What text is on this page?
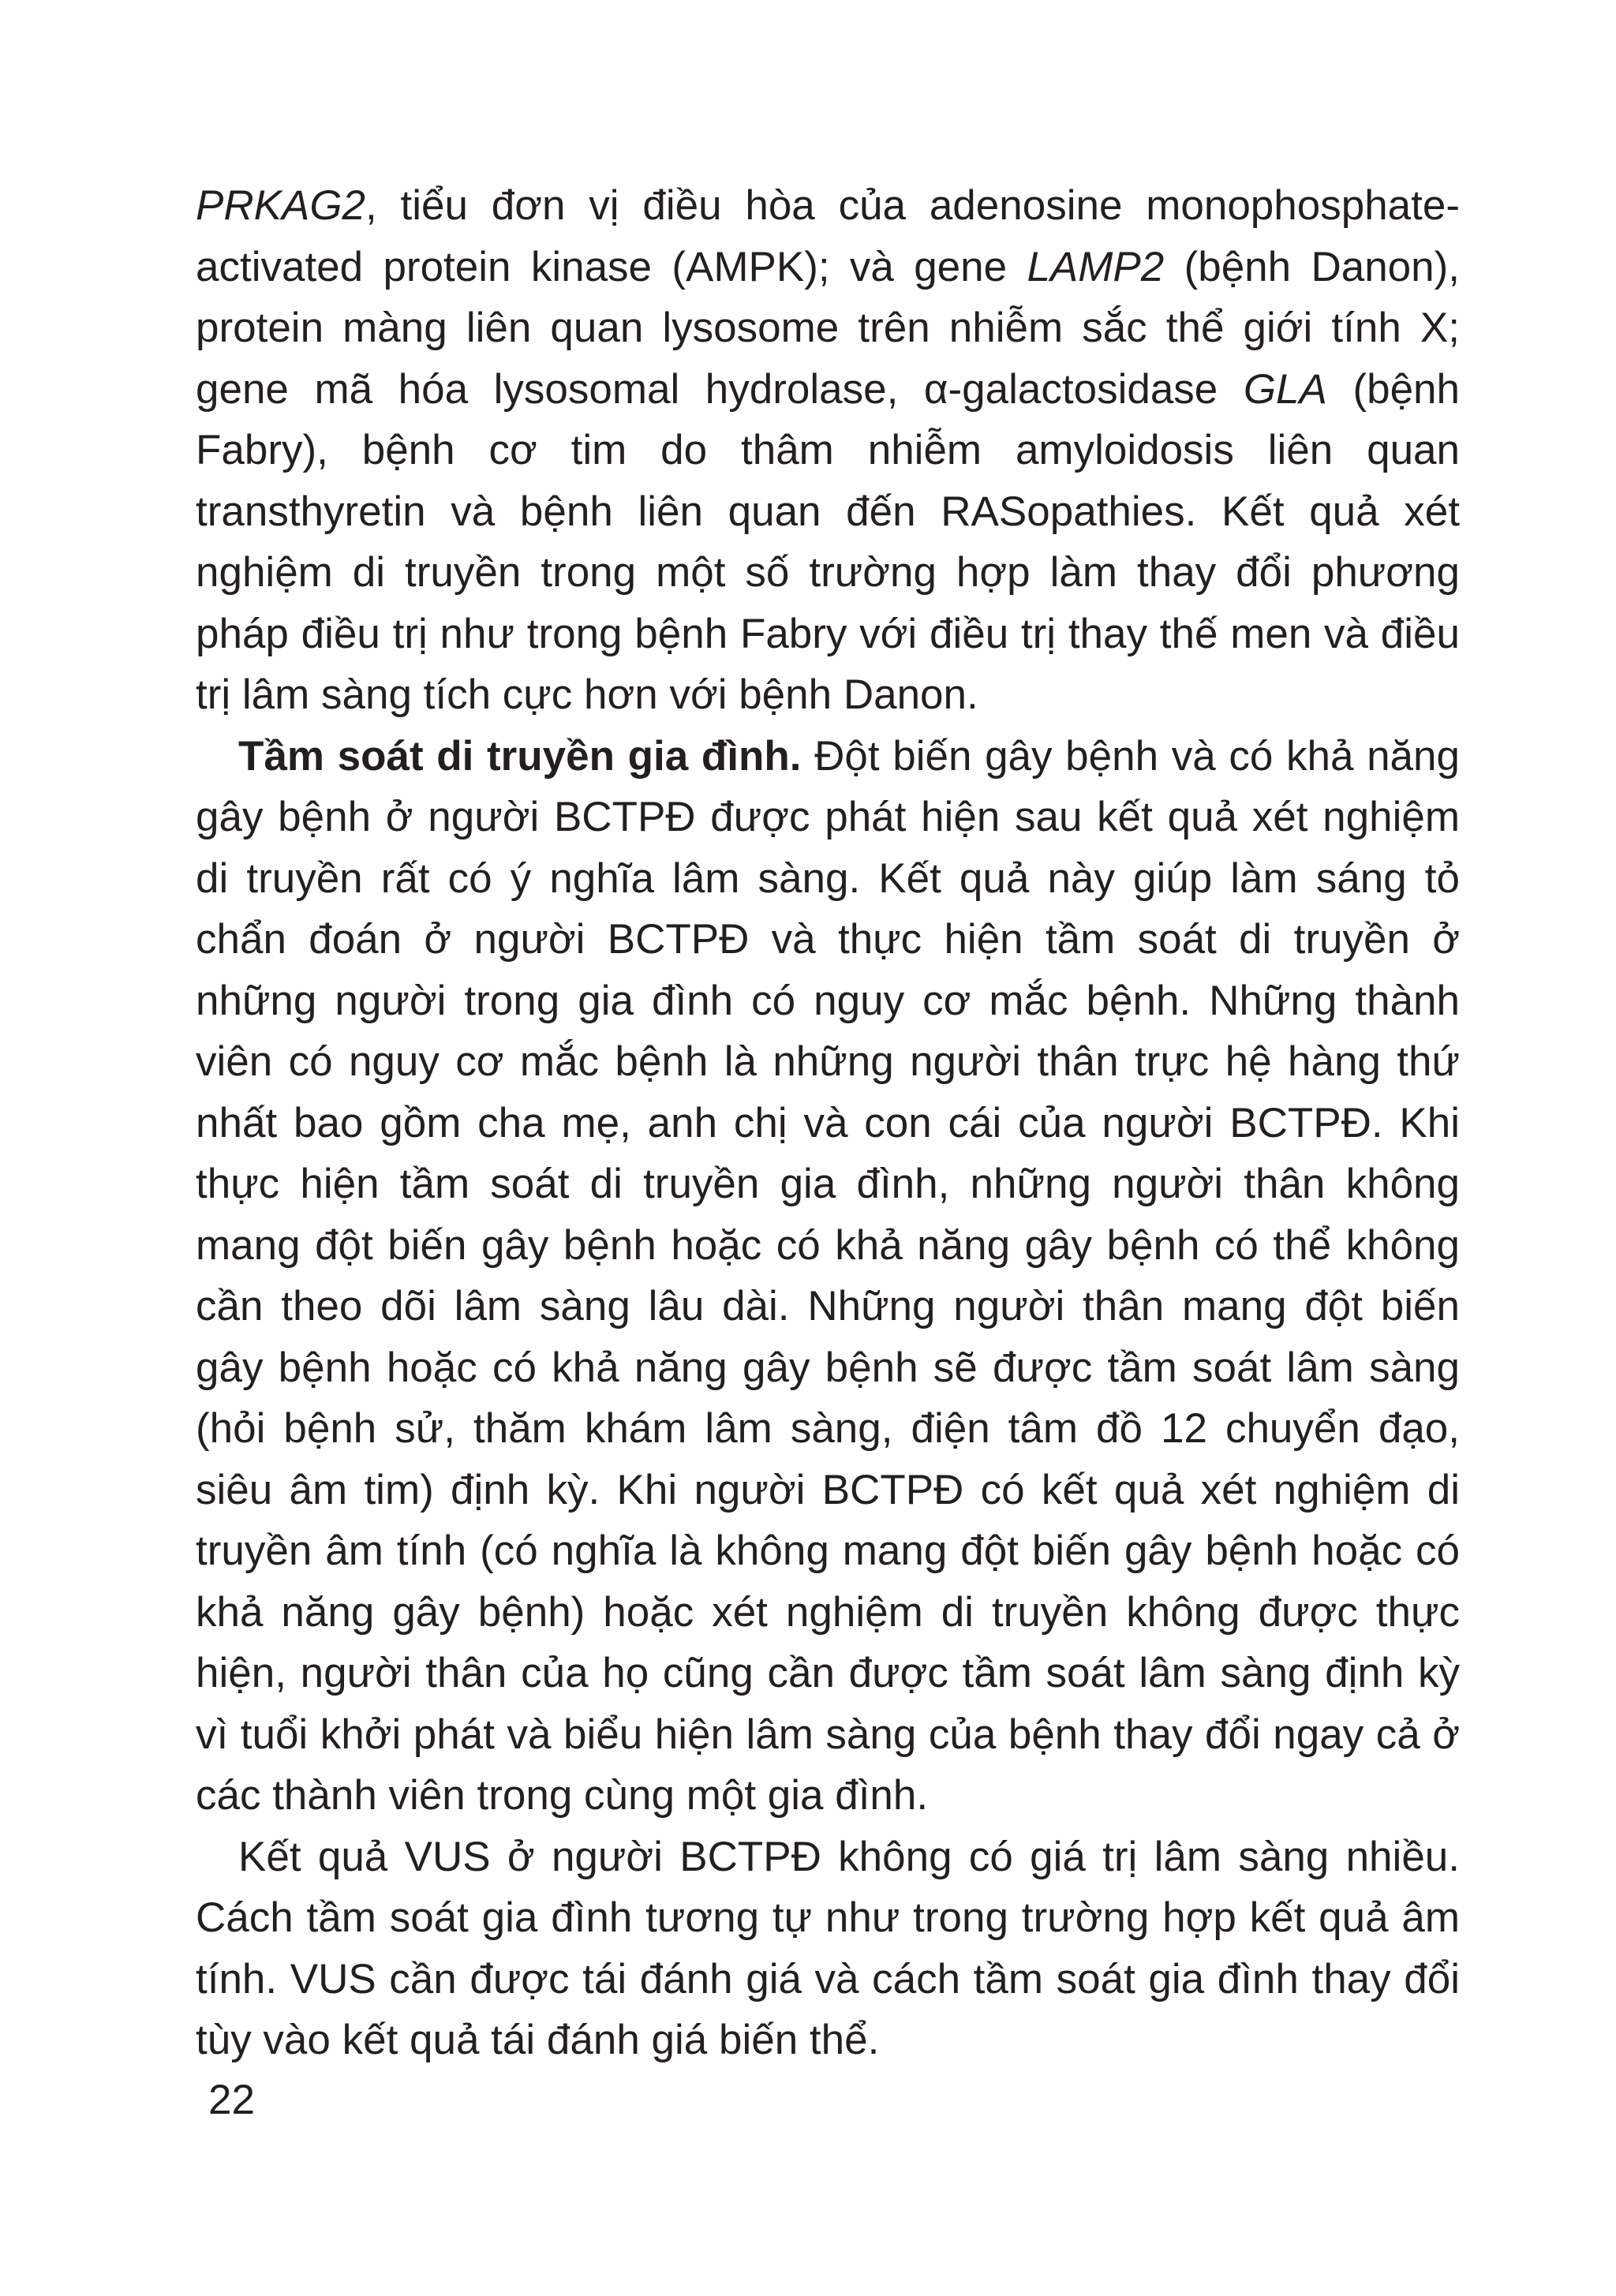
PRKAG2, tiểu đơn vị điều hòa của adenosine monophosphate-activated protein kinase (AMPK); và gene LAMP2 (bệnh Danon), protein màng liên quan lysosome trên nhiễm sắc thể giới tính X; gene mã hóa lysosomal hydrolase, α-galactosidase GLA (bệnh Fabry), bệnh cơ tim do thâm nhiễm amyloidosis liên quan transthyretin và bệnh liên quan đến RASopathies. Kết quả xét nghiệm di truyền trong một số trường hợp làm thay đổi phương pháp điều trị như trong bệnh Fabry với điều trị thay thế men và điều trị lâm sàng tích cực hơn với bệnh Danon.

Tầm soát di truyền gia đình. Đột biến gây bệnh và có khả năng gây bệnh ở người BCTPĐ được phát hiện sau kết quả xét nghiệm di truyền rất có ý nghĩa lâm sàng. Kết quả này giúp làm sáng tỏ chẩn đoán ở người BCTPĐ và thực hiện tầm soát di truyền ở những người trong gia đình có nguy cơ mắc bệnh. Những thành viên có nguy cơ mắc bệnh là những người thân trực hệ hàng thứ nhất bao gồm cha mẹ, anh chị và con cái của người BCTPĐ. Khi thực hiện tầm soát di truyền gia đình, những người thân không mang đột biến gây bệnh hoặc có khả năng gây bệnh có thể không cần theo dõi lâm sàng lâu dài. Những người thân mang đột biến gây bệnh hoặc có khả năng gây bệnh sẽ được tầm soát lâm sàng (hỏi bệnh sử, thăm khám lâm sàng, điện tâm đồ 12 chuyển đạo, siêu âm tim) định kỳ. Khi người BCTPĐ có kết quả xét nghiệm di truyền âm tính (có nghĩa là không mang đột biến gây bệnh hoặc có khả năng gây bệnh) hoặc xét nghiệm di truyền không được thực hiện, người thân của họ cũng cần được tầm soát lâm sàng định kỳ vì tuổi khởi phát và biểu hiện lâm sàng của bệnh thay đổi ngay cả ở các thành viên trong cùng một gia đình.

Kết quả VUS ở người BCTPĐ không có giá trị lâm sàng nhiều. Cách tầm soát gia đình tương tự như trong trường hợp kết quả âm tính. VUS cần được tái đánh giá và cách tầm soát gia đình thay đổi tùy vào kết quả tái đánh giá biến thể.

22
